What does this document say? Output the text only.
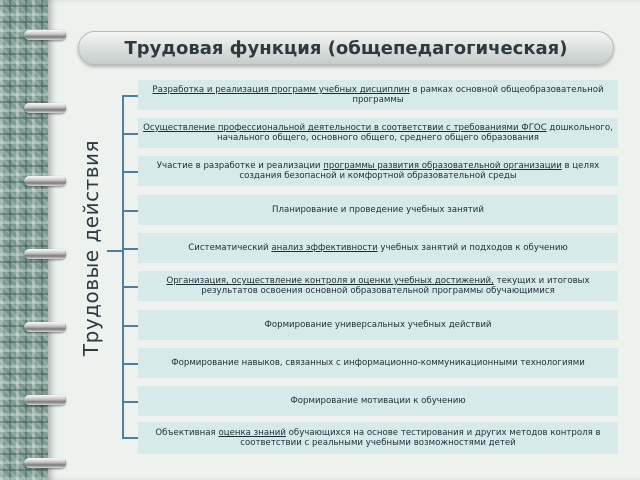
Трудовая функция (общепедагогическая)
Трудовые действия
Разработка и реализация программ учебных дисциплин в рамках основной общеобразовательной программы
Осуществление профессиональной деятельности в соответствии с требованиями ФГОС дошкольного, начального общего, основного общего, среднего общего образования
Участие в разработке и реализации программы развития образовательной организации в целях создания безопасной и комфортной образовательной среды
Планирование и проведение учебных занятий
Систематический анализ эффективности учебных занятий и подходов к обучению
Организация, осуществление контроля и оценки учебных достижений, текущих и итоговых результатов освоения основной образовательной программы обучающимися
Формирование универсальных учебных действий
Формирование навыков, связанных с информационно-коммуникационными технологиями
Формирование мотивации к обучению
Объективная оценка знаний обучающихся на основе тестирования и других методов контроля в соответствии с реальными учебными возможностями детей
